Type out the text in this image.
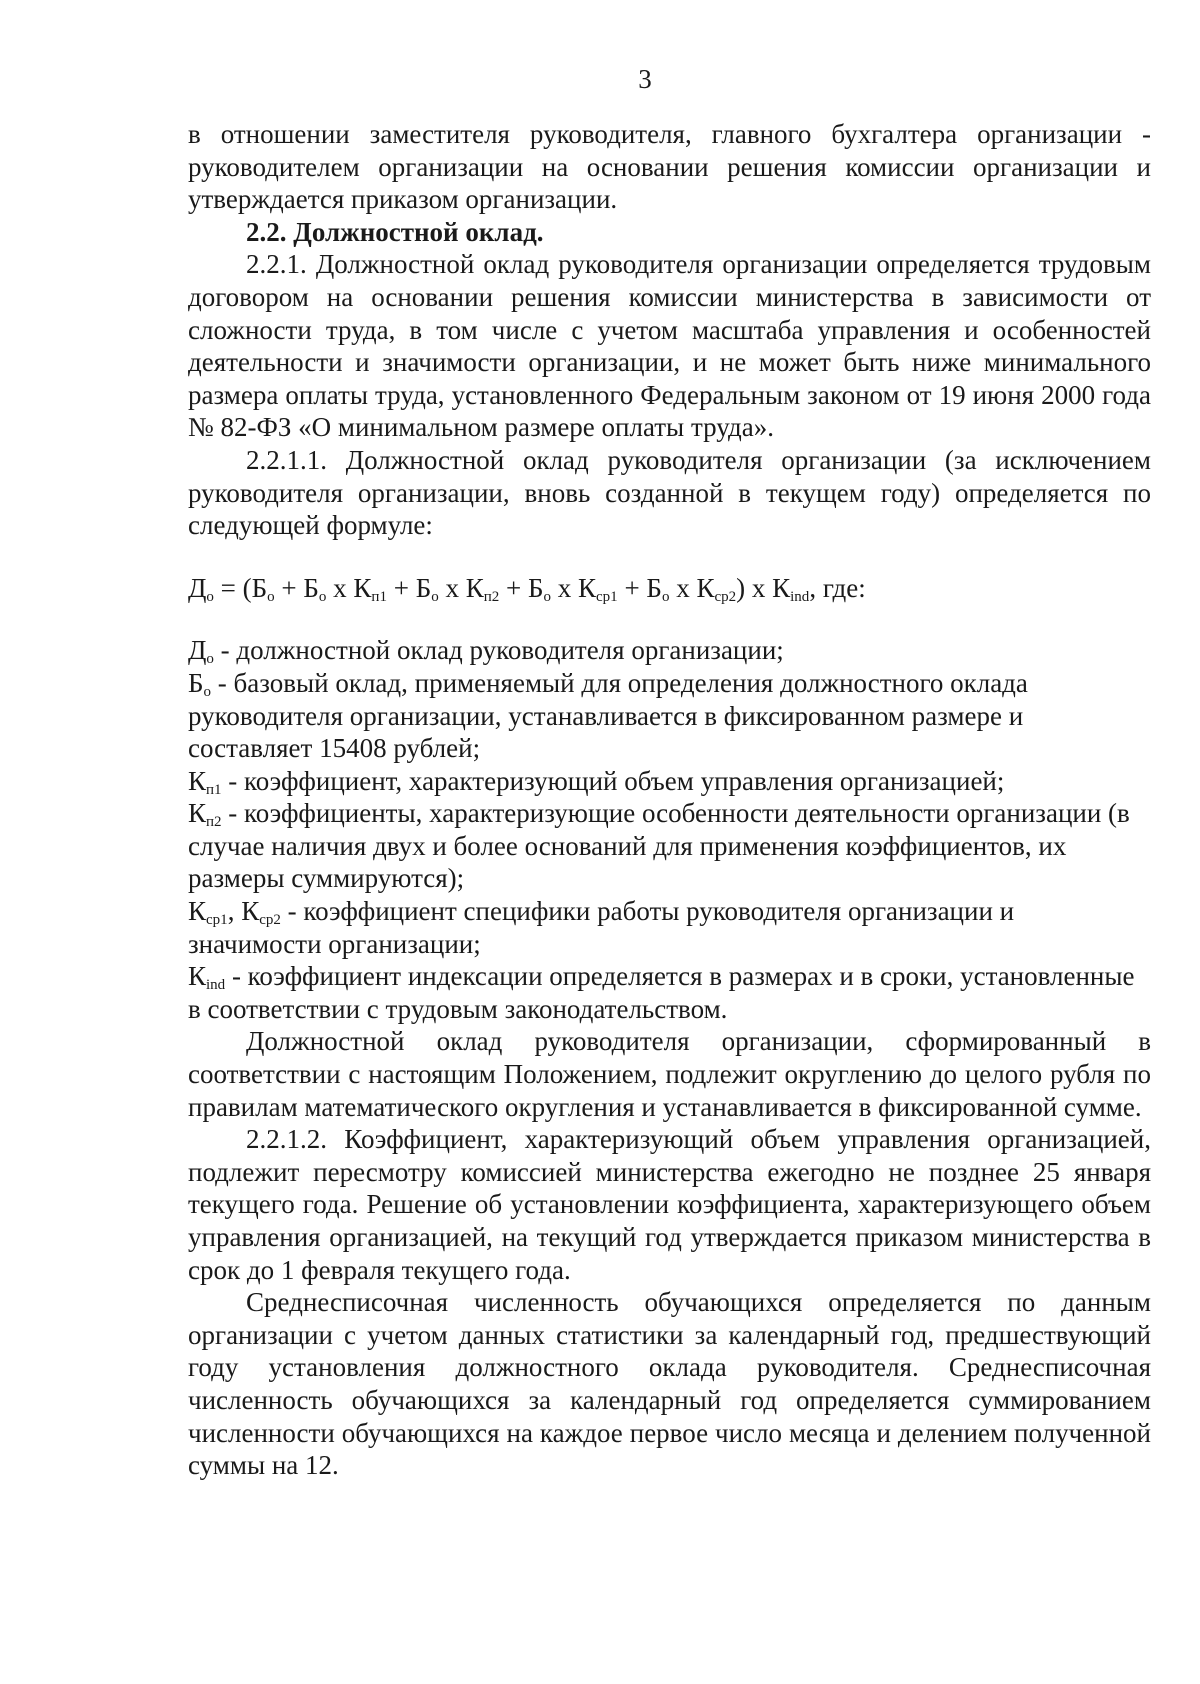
3

в отношении заместителя руководителя, главного бухгалтера организации - руководителем организации на основании решения комиссии организации и утверждается приказом организации.

2.2. Должностной оклад.

2.2.1. Должностной оклад руководителя организации определяется трудовым договором на основании решения комиссии министерства в зависимости от сложности труда, в том числе с учетом масштаба управления и особенностей деятельности и значимости организации, и не может быть ниже минимального размера оплаты труда, установленного Федеральным законом от 19 июня 2000 года № 82-ФЗ «О минимальном размере оплаты труда».

2.2.1.1. Должностной оклад руководителя организации (за исключением руководителя организации, вновь созданной в текущем году) определяется по следующей формуле:

$Д_о = (Б_о + Б_о$ х $К_{п1} + Б_о$ х $К_{п2} + Б_о$ х $К_{ср1} + Б_о$ х $К_{ср2}$) х $К_{ind}$, где:

$Д_о$ - должностной оклад руководителя организации;

$Б_о$ - базовый оклад, применяемый для определения должностного оклада руководителя организации, устанавливается в фиксированном размере и составляет 15408 рублей;

$К_{п1}$ - коэффициент, характеризующий объем управления организацией;

$К_{п2}$ - коэффициенты, характеризующие особенности деятельности организации (в случае наличия двух и более оснований для применения коэффициентов, их размеры суммируются);

$К_{ср1}$, $К_{ср2}$ - коэффициент специфики работы руководителя организации и значимости организации;

$К_{ind}$ - коэффициент индексации определяется в размерах и в сроки, установленные в соответствии с трудовым законодательством.

Должностной оклад руководителя организации, сформированный в соответствии с настоящим Положением, подлежит округлению до целого рубля по правилам математического округления и устанавливается в фиксированной сумме.

2.2.1.2. Коэффициент, характеризующий объем управления организацией, подлежит пересмотру комиссией министерства ежегодно не позднее 25 января текущего года. Решение об установлении коэффициента, характеризующего объем управления организацией, на текущий год утверждается приказом министерства в срок до 1 февраля текущего года.

Среднесписочная численность обучающихся определяется по данным организации с учетом данных статистики за календарный год, предшествующий году установления должностного оклада руководителя. Среднесписочная численность обучающихся за календарный год определяется суммированием численности обучающихся на каждое первое число месяца и делением полученной суммы на 12.
